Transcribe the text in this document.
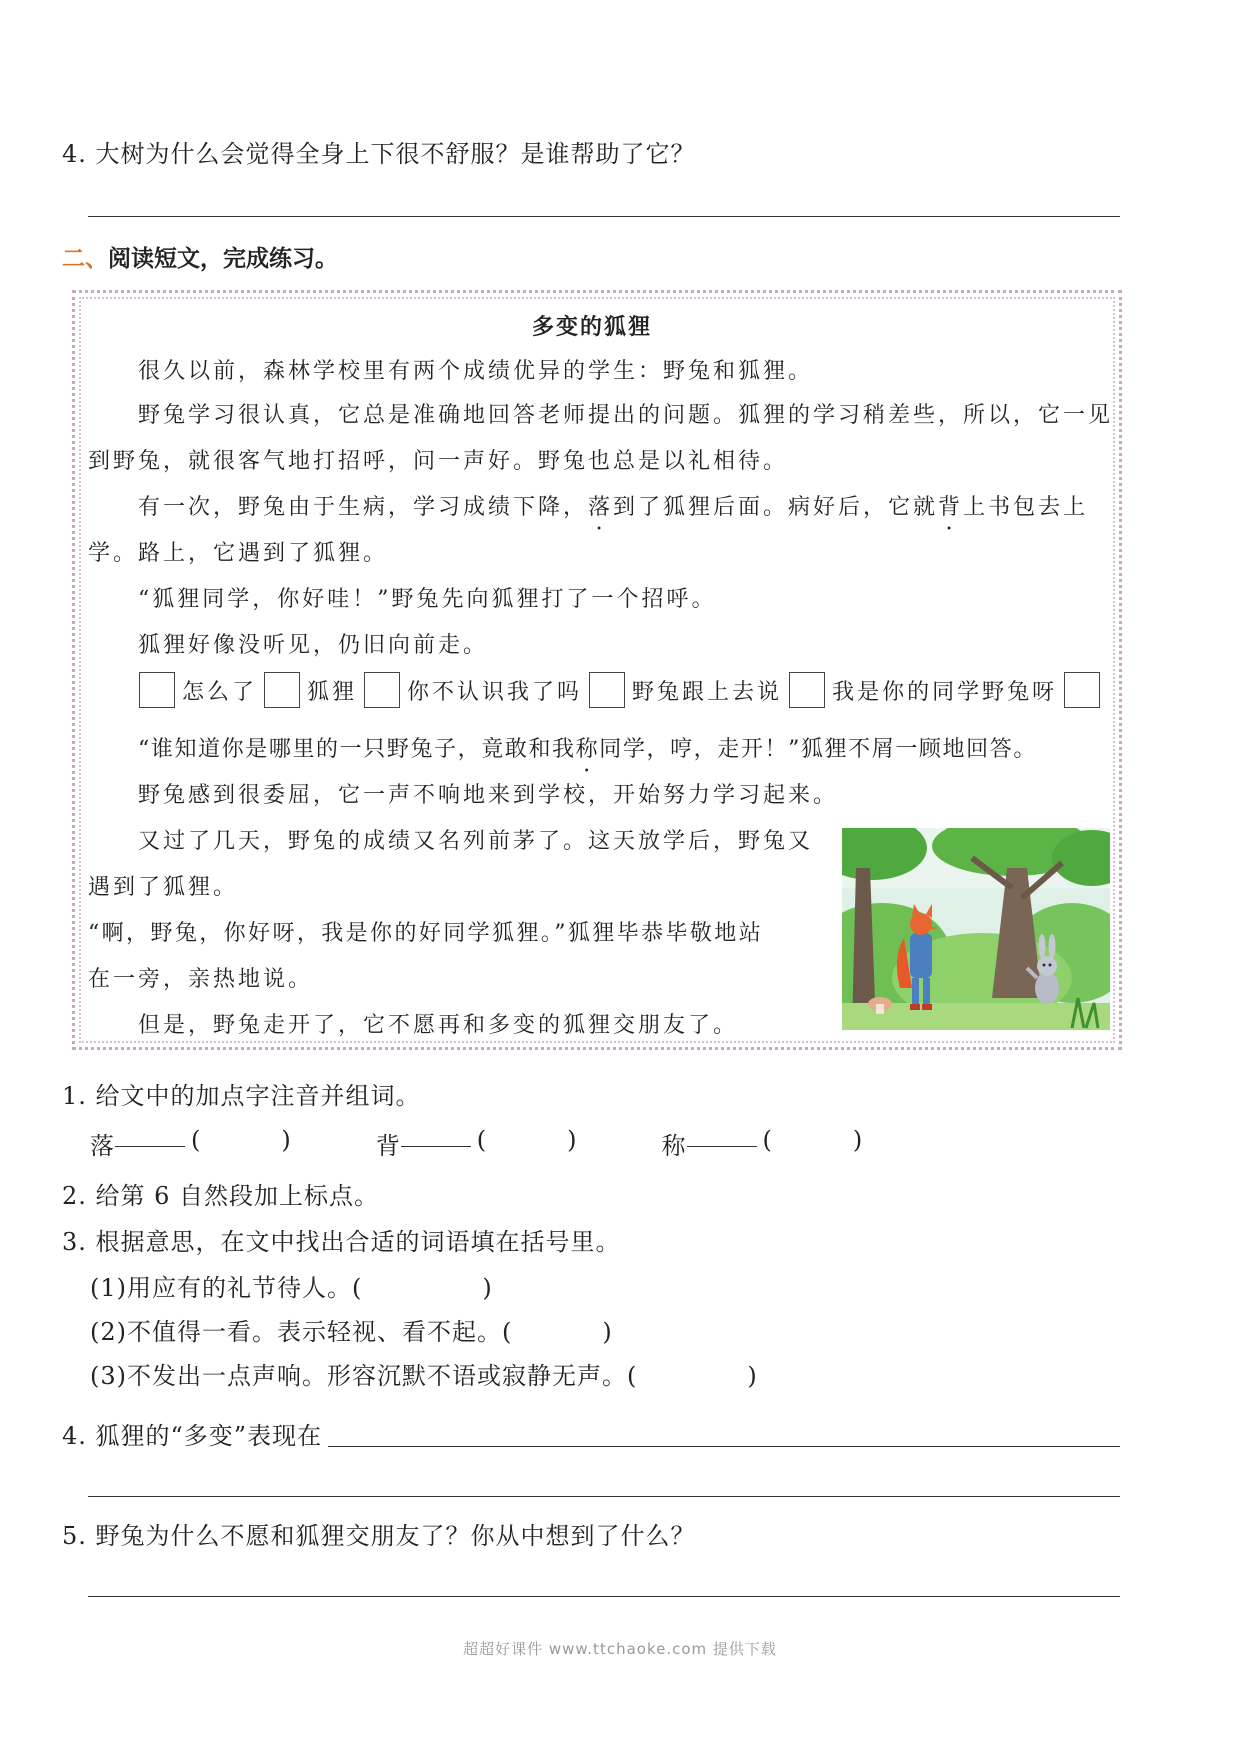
4. 大树为什么会觉得全身上下很不舒服？是谁帮助了它？
二、 阅读短文，完成练习。
多变的狐狸
很久以前，森林学校里有两个成绩优异的学生：野兔和狐狸。
野兔学习很认真，它总是准确地回答老师提出的问题。狐狸的学习稍差些，所以，它一见
到野兔，就很客气地打招呼，问一声好。野兔也总是以礼相待。
有一次，野兔由于生病，学习成绩下降，落到了狐狸后面。病好后，它就背上书包去上
学。路上，它遇到了狐狸。
“狐狸同学，你好哇！”野兔先向狐狸打了一个招呼。
狐狸好像没听见，仍旧向前走。
怎么了 狐狸 你不认识我了吗 野兔跟上去说 我是你的同学野兔呀
“谁知道你是哪里的一只野兔子，竟敢和我称同学，哼，走开！”狐狸不屑一顾地回答。
野兔感到很委屈，它一声不响地来到学校，开始努力学习起来。
又过了几天，野兔的成绩又名列前茅了。这天放学后，野兔又
遇到了狐狸。
“啊，野兔，你好呀，我是你的好同学狐狸。”狐狸毕恭毕敬地站
在一旁，亲热地说。
但是，野兔走开了，它不愿再和多变的狐狸交朋友了。
1. 给文中的加点字注音并组词。
落	(	)	背	(	)	称	(	)
2. 给第 6 自然段加上标点。
3. 根据意思，在文中找出合适的词语填在括号里。
(1)用应有的礼节待人。(	)
(2)不值得一看。表示轻视、看不起。(	)
(3)不发出一点声响。形容沉默不语或寂静无声。(	)
4. 狐狸的“多变”表现在
5. 野兔为什么不愿和狐狸交朋友了？你从中想到了什么？
超超好课件 www.ttchaoke.com 提供下载
